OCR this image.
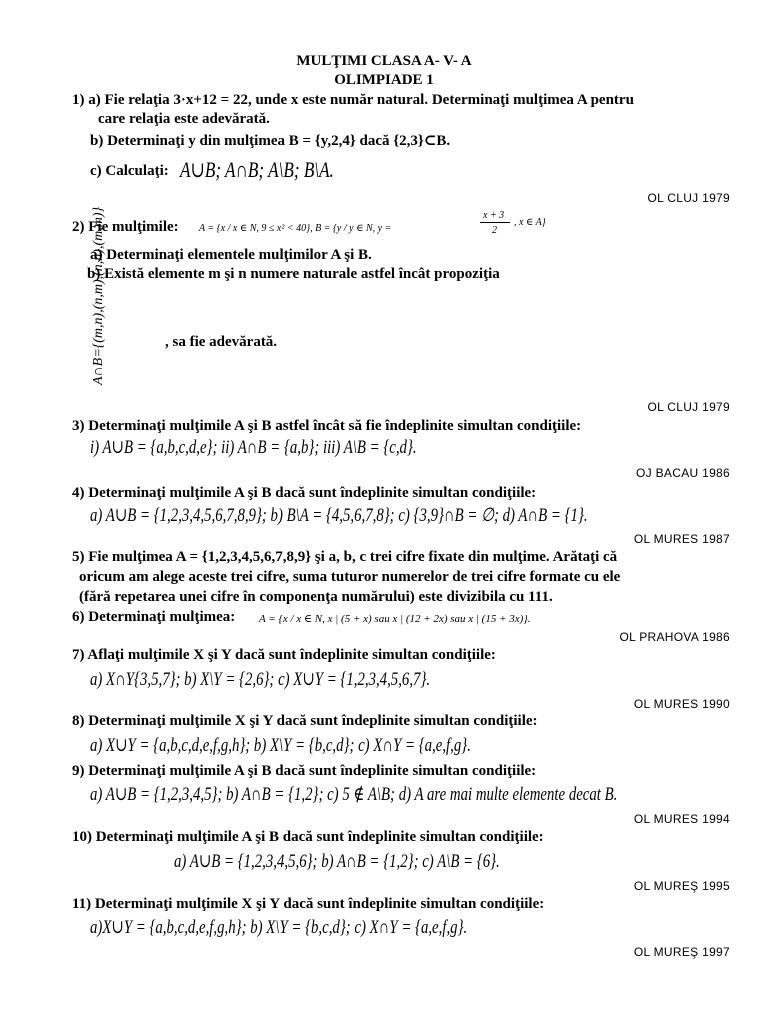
MULŢIMI CLASA A- V- A
OLIMPIADE 1
1) a) Fie relaţia 3·x+12 = 22, unde x este număr natural. Determinaţi mulţimea A pentru
care relaţia este adevărată.
b) Determinaţi y din mulţimea B = {y,2,4} dacă {2,3}⊂B.
c) Calculaţi: A∪B; A∩B; A\B; B\A.
OL CLUJ 1979
2) Fie mulţimile: A = {x / x ∈ N, 9 ≤ x² < 40}, B = {y / y ∈ N, y =
x + 3
2
, x ∈ A}
a) Determinaţi elementele mulţimilor A şi B.
b) Există elemente m şi n numere naturale astfel încât propoziţia
A∩B={(m,n),(n,m),(n,n),(m,m)}	, sa fie adevărată.
OL CLUJ 1979
3) Determinaţi mulţimile A şi B astfel încât să fie îndeplinite simultan condiţiile:
i) A∪B = {a,b,c,d,e}; ii) A∩B = {a,b}; iii) A\B = {c,d}.
OJ BACAU 1986
4) Determinaţi mulţimile A şi B dacă sunt îndeplinite simultan condiţiile:
a) A∪B = {1,2,3,4,5,6,7,8,9}; b) B\A = {4,5,6,7,8}; c) {3,9}∩B = ∅; d) A∩B = {1}.
OL MURES 1987
5) Fie mulţimea A = {1,2,3,4,5,6,7,8,9} şi a, b, c trei cifre fixate din mulţime. Arătaţi că
oricum am alege aceste trei cifre, suma tuturor numerelor de trei cifre formate cu ele
(fără repetarea unei cifre în componenţa numărului) este divizibila cu 111.
6) Determinaţi mulţimea: A = {x / x ∈ N, x | (5 + x) sau x | (12 + 2x) sau x | (15 + 3x)}.
OL PRAHOVA 1986
7) Aflaţi mulţimile X şi Y dacă sunt îndeplinite simultan condiţiile:
a) X∩Y{3,5,7}; b) X\Y = {2,6}; c) X∪Y = {1,2,3,4,5,6,7}.
OL MURES 1990
8) Determinaţi mulţimile X şi Y dacă sunt îndeplinite simultan condiţiile:
a) X∪Y = {a,b,c,d,e,f,g,h}; b) X\Y = {b,c,d}; c) X∩Y = {a,e,f,g}.
9) Determinaţi mulţimile A şi B dacă sunt îndeplinite simultan condiţiile:
a) A∪B = {1,2,3,4,5}; b) A∩B = {1,2}; c) 5 ∉ A\B; d) A are mai multe elemente decat B.
OL MURES 1994
10) Determinaţi mulţimile A şi B dacă sunt îndeplinite simultan condiţiile:
a) A∪B = {1,2,3,4,5,6}; b) A∩B = {1,2}; c) A\B = {6}.
OL MUREŞ 1995
11) Determinaţi mulţimile X şi Y dacă sunt îndeplinite simultan condiţiile:
a)X∪Y = {a,b,c,d,e,f,g,h}; b) X\Y = {b,c,d}; c) X∩Y = {a,e,f,g}.
OL MUREŞ 1997
